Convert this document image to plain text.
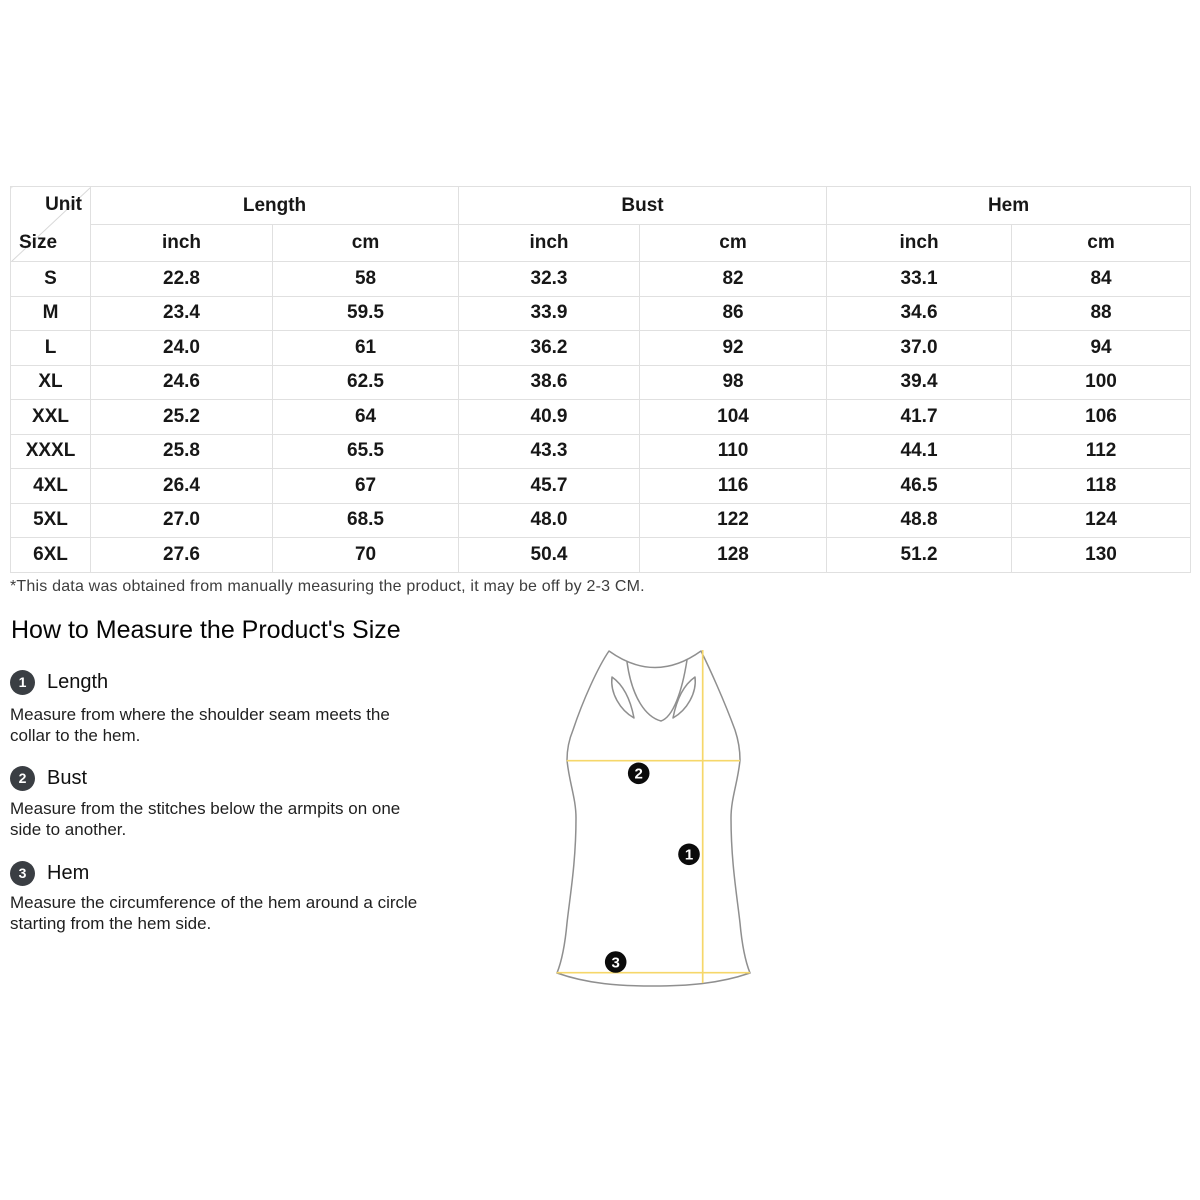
Unit
Size	Length		Bust		Hem	
	inch	cm	inch	cm	inch	cm
S	22.8	58	32.3	82	33.1	84
M	23.4	59.5	33.9	86	34.6	88
L	24.0	61	36.2	92	37.0	94
XL	24.6	62.5	38.6	98	39.4	100
XXL	25.2	64	40.9	104	41.7	106
XXXL	25.8	65.5	43.3	110	44.1	112
4XL	26.4	67	45.7	116	46.5	118
5XL	27.0	68.5	48.0	122	48.8	124
6XL	27.6	70	50.4	128	51.2	130
*This data was obtained from manually measuring the product, it may be off by 2-3 CM.
How to Measure the Product's Size
1	Length
Measure from where the shoulder seam meets the
collar to the hem.
2	Bust
Measure from the stitches below the armpits on one
side to another.
3	Hem
Measure the circumference of the hem around a circle
starting from the hem side.
2
1
3
